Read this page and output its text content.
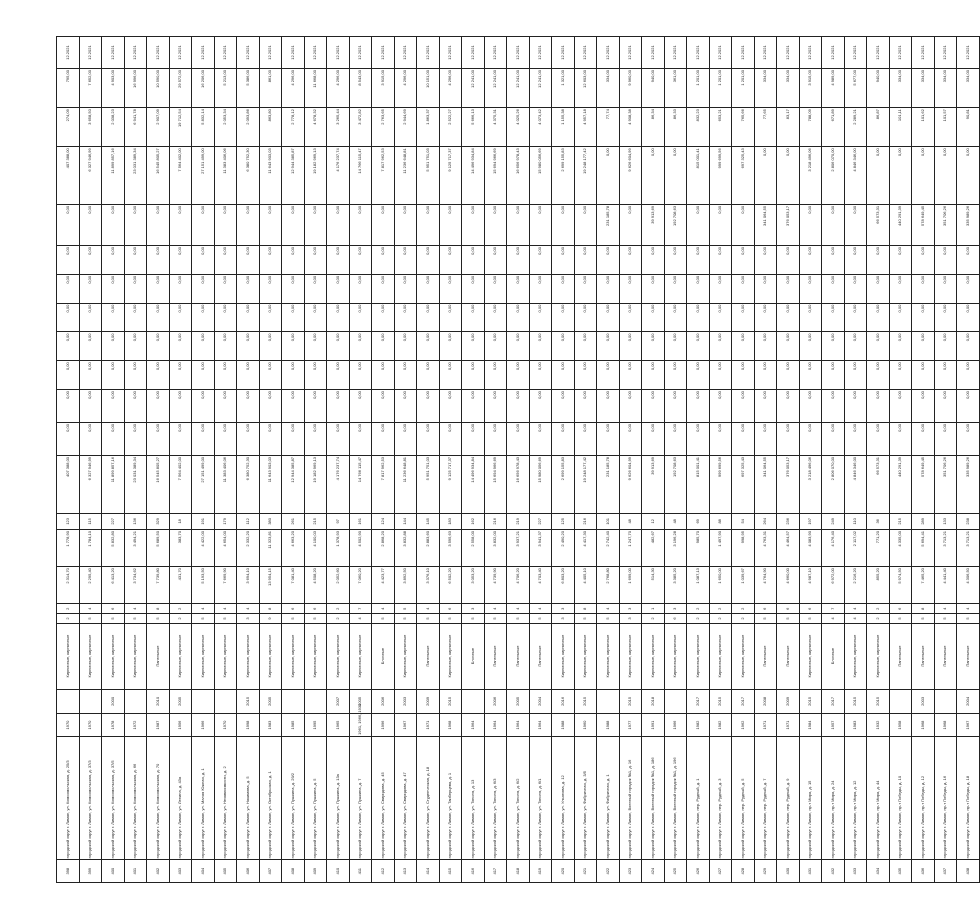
398	городской округ г. Лиман, ул. Комсомольская, д. 25/3	1970		Кирпичные, кирпичные	2	2	2 314,70	1 778,90	123	407 388,00	0,00	0,00	0,00	0,00	0,00	0,00	0,00	0,00	407 388,00	274,09	795,00	12.2021
399	городской округ г. Лиман, ул. Комсомольская, д. 37/3	1970		Кирпичные, кирпичные	5	4	2 295,40	1 784,10	115	6 327 946,99	0,00	0,00	0,00	0,00	0,00	0,00	0,00	0,00	6 327 946,99	3 658,50	7 652,00	12.2021
400	городской округ г. Лиман, ул. Комсомольская, д. 37/5	1978	2000	Кирпичные, кирпичные	5	6	6 413,20	5 832,80	227	11 899 857,16	0,00	0,00	0,00	0,00	0,00	0,00	0,00	0,00	11 899 857,16	2 038,23	4 903,00	12.2021
401	городской округ г. Лиман, ул. Комсомольская, д. 66	1972		Кирпичные, кирпичные	5	4	3 734,62	3 494,21	136	23 031 389,34	0,00	0,00	0,00	0,00	0,00	0,00	0,00	0,00	23 031 389,34	6 941,78	16 996,00	12.2021
402	городской округ г. Лиман, ул. Комсомольская, д. 70	1987	2010	Панельные	5	8	7 739,80	5 689,50	329	16 545 805,27	0,00	0,00	0,00	0,00	0,00	0,00	0,00	0,00	16 545 805,27	2 907,09	10 590,00	12.2021
403	городской округ г. Лиман, ул. Ленина, д. 43а	1956	2005	Кирпичные, кирпичные	2	2	431,70	383,70	18	7 564 402,00	0,00	0,00	0,00	0,00	0,00	0,00	0,00	0,00	7 564 402,00	19 712,54	29 572,00	12.2021
404	городской округ г. Лиман, ул. Малая Южная, д. 1	1966		Кирпичные, кирпичные	5	4	5 193,50	4 422,00	191	27 151 499,00	0,00	0,00	0,00	0,00	0,00	0,00	0,00	0,00	27 151 499,00	5 832,14	16 206,00	12.2021
405	городской округ г. Лиман, ул. Независимости, д. 2	1970		Кирпичные, кирпичные	5	4	7 669,90	4 654,00	179	11 383 406,06	0,00	0,00	0,00	0,00	0,00	0,00	0,00	0,00	11 383 406,06	2 053,34	5 213,00	12.2021
406	городской округ г. Лиман, ул. Нахимова, д. 5	1998	2015	Кирпичные, кирпичные	3	4	3 694,10	2 332,20	112	6 380 752,30	0,00	0,00	0,00	0,00	0,00	0,00	0,00	0,00	6 380 752,30	2 093,86	5 386,00	12.2021
407	городской округ г. Лиман, ул. Октябрьская, д. 1	1983	2005	Кирпичные, кирпичные	9	8	13 954,15	11 323,81	380	11 643 903,03	0,00	0,00	0,00	0,00	0,00	0,00	0,00	0,00	11 643 903,03	863,80	861,00	12.2021
408	городской округ г. Лиман, ул. Пушкина, д. 29/2	1985		Кирпичные, кирпичные	5	6	7 081,40	4 663,20	261	12 944 385,87	0,00	0,00	0,00	0,00	0,00	0,00	0,00	0,00	12 944 385,87	2 778,12	4 296,00	12.2021
409	городской округ г. Лиман, ул. Пушкина, д. 5	1995		Кирпичные, кирпичные	5	6	4 508,20	4 100,03	215	19 182 969,13	0,00	0,00	0,00	0,00	0,00	0,00	0,00	0,00	19 182 969,13	4 678,32	11 668,00	12.2021
410	городской округ г. Лиман, ул. Пушкина, д. 13а	1965	2007	Кирпичные, кирпичные	2	2	2 052,60	1 378,93	97	4 176 237,74	0,00	0,00	0,00	0,00	0,00	0,00	0,00	0,00	4 176 237,74	3 265,44	4 296,00	12.2021
411	городской округ г. Лиман, ул. Пушкина, д. 7	1961, 1966, 1930	2005	Кирпичные, кирпичные	4	7	7 060,20	4 502,90	161	14 766 115,47	0,00	0,00	0,00	0,00	0,00	0,00	0,00	0,00	14 766 115,47	3 472,82	8 543,00	12.2021
412	городской округ г. Лиман, ул. Свиридова, д. 45	1996	2006	Блочные	5	4	4 423,77	2 868,20	124	7 817 962,53	0,00	0,00	0,00	0,00	0,00	0,00	0,00	0,00	7 817 962,53	2 763,65	3 915,00	12.2021
413	городской округ г. Лиман, ул. Свиридова, д. 47	1967	2003	Кирпичные, кирпичные	5	5	3 892,50	3 832,88	144	11 236 648,81	0,00	0,00	0,00	0,00	0,00	0,00	0,00	0,00	11 236 648,81	2 944,69	4 296,00	12.2021
414	городской округ г. Лиман, ул. Студенческая, д. 18	1971	2009	Панельные	5	4	3 376,10	2 883,60	145	5 951 751,03	0,00	0,00	0,00	0,00	0,00	0,00	0,00	0,00	5 951 751,03	1 863,37	10 151,00	12.2021
415	городской округ г. Лиман, ул. Таиберцева, д. 1	1968	2015	Кирпичные, кирпичные	5	6	6 502,20	3 595,63	183	9 125 717,37	0,00	0,00	0,00	0,00	0,00	0,00	0,00	0,00	9 125 717,37	2 522,27	4 296,00	12.2021
416	городской округ г. Лиман, ул. Тополя, д. 13	1964		Блочные	5	3	3 053,20	2 558,00	162	14 496 934,84	0,00	0,00	0,00	0,00	0,00	0,00	0,00	0,00	14 496 934,84	5 666,13	12 241,00	12.2021
417	городской округ г. Лиман, ул. Тополя, д. 6/3	1964	2006	Панельные	5	4	4 739,90	3 832,00	216	15 694 966,69	0,00	0,00	0,00	0,00	0,00	0,00	0,00	0,00	15 694 966,69	4 375,31	12 241,00	12.2021
418	городской округ г. Лиман, ул. Тополя, д. 6/2	1964	2005	Панельные	5	4	4 706,20	3 937,21	219	16 656 978,43	0,00	0,00	0,00	0,00	0,00	0,00	0,00	0,00	16 656 978,43	4 025,26	12 241,00	12.2021
419	городской округ г. Лиман, ул. Тополя, д. 6/1	1964	2004	Панельные	5	4	4 703,40	3 941,37	227	15 980 056,69	0,00	0,00	0,00	0,00	0,00	0,00	0,00	0,00	15 980 056,69	4 073,42	12 241,00	12.2021
420	городской округ г. Лиман, ул. Ульянова, д. 12	1988	2016	Кирпичные, кирпичные	3	3	6 803,20	2 490,20	125	2 699 155,83	0,00	0,00	0,00	0,00	0,00	0,00	0,00	0,00	2 699 155,83	1 155,38	1 321,00	12.2021
421	городской округ г. Лиман, ул. Фабричная, д. 3/5	1960	2015	Кирпичные, кирпичные	5	8	4 405,10	4 417,30	216	19 248 177,42	0,00	0,00	0,00	0,00	0,00	0,00	0,00	0,00	19 248 177,42	4 957,18	12 603,00	12.2021
422	городской округ г. Лиман, ул. Фабричная, д. 1	1988		Кирпичные, кирпичные	5	4	2 768,80	2 742,40	101	231 185,78	0,00	0,00	0,00	0,00	0,00	0,00	0,00	231 185,78	0,00	77,74	334,00	12.2021
423	городской округ г. Лиман, Военный городок №1, д. 16	1977	2015	Кирпичные, кирпичные	3	3	1 699,00	1 247,70	48	9 626 604,99	0,00	0,00	0,00	0,00	0,00	0,00	0,00	0,00	9 626 604,99	4 908,38	9 960,00	12.2021
424	городской округ г. Лиман, Военный городок №1, д. 186	1991	2018	Кирпичные, кирпичные	2	1	514,30	482,67	12	39 913,69	0,00	0,00	0,00	0,00	0,00	0,00	0,00	39 913,69	0,00	86,34	940,00	12.2021
425	городской округ г. Лиман, Военный городок №1, д. 196	1966		Кирпичные, кирпичные	6	3	3 385,20	3 196,28	48	192 708,63	0,00	0,00	0,00	0,00	0,00	0,00	0,00	192 708,63	0,00	86,33	361,00	12.2021
426	городской округ г. Лиман, пер. Рудный, д. 1	1982	2017	Кирпичные, кирпичные	2	2	1 087,13	985,70	69	815 001,41	0,00	0,00	0,00	0,00	0,00	0,00	0,00	0,00	815 001,41	832,23	1 201,00	12.2021
427	городской округ г. Лиман, пер. Рудный, д. 3	1982	2015	Кирпичные, кирпичные	2	2	1 650,00	1 497,90	88	999 699,56	0,00	0,00	0,00	0,00	0,00	0,00	0,00	0,00	999 699,56	653,21	1 201,00	12.2021
428	городской округ г. Лиман, пер. Рудный, д. 5	1962	2017	Кирпичные, кирпичные	2	2	1 039,67	998,95	54	697 325,43	0,00	0,00	0,00	0,00	0,00	0,00	0,00	0,00	697 325,43	765,66	1 201,00	12.2021
429	городской округ г. Лиман, пер. Рудный, д. 7	1971	2008	Панельные	5	6	4 764,90	4 763,31	264	341 064,55	0,00	0,00	0,00	0,00	0,00	0,00	0,00	341 064,55	0,00	77,65	334,00	12.2021
430	городской округ г. Лиман, пер. Рудный, д. 9	1971	2009	Панельные	5	6	4 660,00	4 464,57	236	376 053,17	0,00	0,00	0,00	0,00	0,00	0,00	0,00	376 053,17	0,00	83,17	334,00	12.2021
431	городской округ г. Лиман, пр-т Мира, д. 15	1984	2015	Кирпичные, кирпичные	5	6	4 987,10	4 083,90	197	3 218 496,06	0,00	0,00	0,00	0,00	0,00	0,00	0,00	0,00	3 218 496,06	788,09	3 915,00	12.2021
432	городской округ г. Лиман, пр-т Мира, д. 24	1957	2017	Блочные	4	7	6 972,00	4 176,40	249	2 806 070,00	0,00	0,00	0,00	0,00	0,00	0,00	0,00	0,00	2 806 070,00	671,89	4 989,00	12.2021
433	городской округ г. Лиман, пр-т Мира, д. 12	1983	2015	Кирпичные, кирпичные	4	4	2 216,20	2 117,02	110	4 846 346,00	0,00	0,00	0,00	0,00	0,00	0,00	0,00	0,00	4 846 346,00	2 289,21	5 677,00	12.2021
434	городской округ г. Лиман, пр-т Мира, д. 44	1932	2015	Кирпичные, кирпичные	2	2	855,20	771,20	36	66 573,31	0,00	0,00	0,00	0,00	0,00	0,00	0,00	66 573,31	0,00	86,87	940,00	12.2021
435	городской округ г. Лиман, пр-т Победы, д. 10	1958		Панельные	5	6	5 974,50	4 335,00	215	440 291,39	0,00	0,00	0,00	0,00	0,00	0,00	0,00	440 291,39	0,00	101,11	334,00	12.2021
436	городской округ г. Лиман, пр-т Победы, д. 12	1968	2003	Панельные	5	8	7 465,20	5 694,41	289	578 649,45	0,00	0,00	0,00	0,00	0,00	0,00	0,00	578 649,45	0,00	101,62	334,00	12.2021
437	городской округ г. Лиман, пр-т Победы, д. 16	1968		Панельные	5	4	4 441,40	3 713,21	133	351 706,26	0,00	0,00	0,00	0,00	0,00	0,00	0,00	351 706,26	0,00	101,57	334,00	12.2021
438	городской округ г. Лиман, пр-т Победы, д. 18	1967	2004	Панельные	5	4	4 306,50	3 713,21	238	335 989,26	0,00	0,00	0,00	0,00	0,00	0,00	0,00	335 989,26	0,00	90,81	334,00	12.2021
